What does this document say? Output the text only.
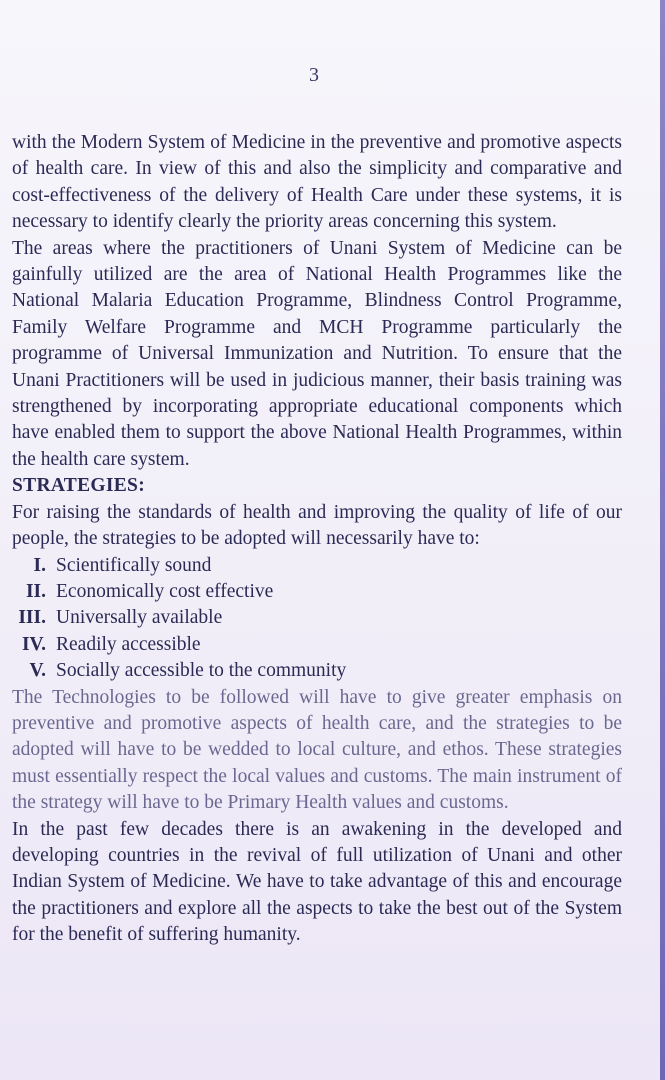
3

with the Modern System of Medicine in the preventive and promotive aspects of health care. In view of this and also the simplicity and comparative and cost-effectiveness of the delivery of Health Care under these systems, it is necessary to identify clearly the priority areas concerning this system.

The areas where the practitioners of Unani System of Medicine can be gainfully utilized are the area of National Health Programmes like the National Malaria Education Programme, Blindness Control Programme, Family Welfare Programme and MCH Programme particularly the programme of Universal Immunization and Nutrition. To ensure that the Unani Practitioners will be used in judicious manner, their basis training was strengthened by incorporating appropriate educational components which have enabled them to support the above National Health Programmes, within the health care system.

STRATEGIES:

For raising the standards of health and improving the quality of life of our people, the strategies to be adopted will necessarily have to:

I. Scientifically sound
II. Economically cost effective
III. Universally available
IV. Readily accessible
V. Socially accessible to the community

The Technologies to be followed will have to give greater emphasis on preventive and promotive aspects of health care, and the strategies to be adopted will have to be wedded to local culture, and ethos. These strategies must essentially respect the local values and customs. The main instrument of the strategy will have to be Primary Health values and customs.

In the past few decades there is an awakening in the developed and developing countries in the revival of full utilization of Unani and other Indian System of Medicine. We have to take advantage of this and encourage the practitioners and explore all the aspects to take the best out of the System for the benefit of suffering humanity.
